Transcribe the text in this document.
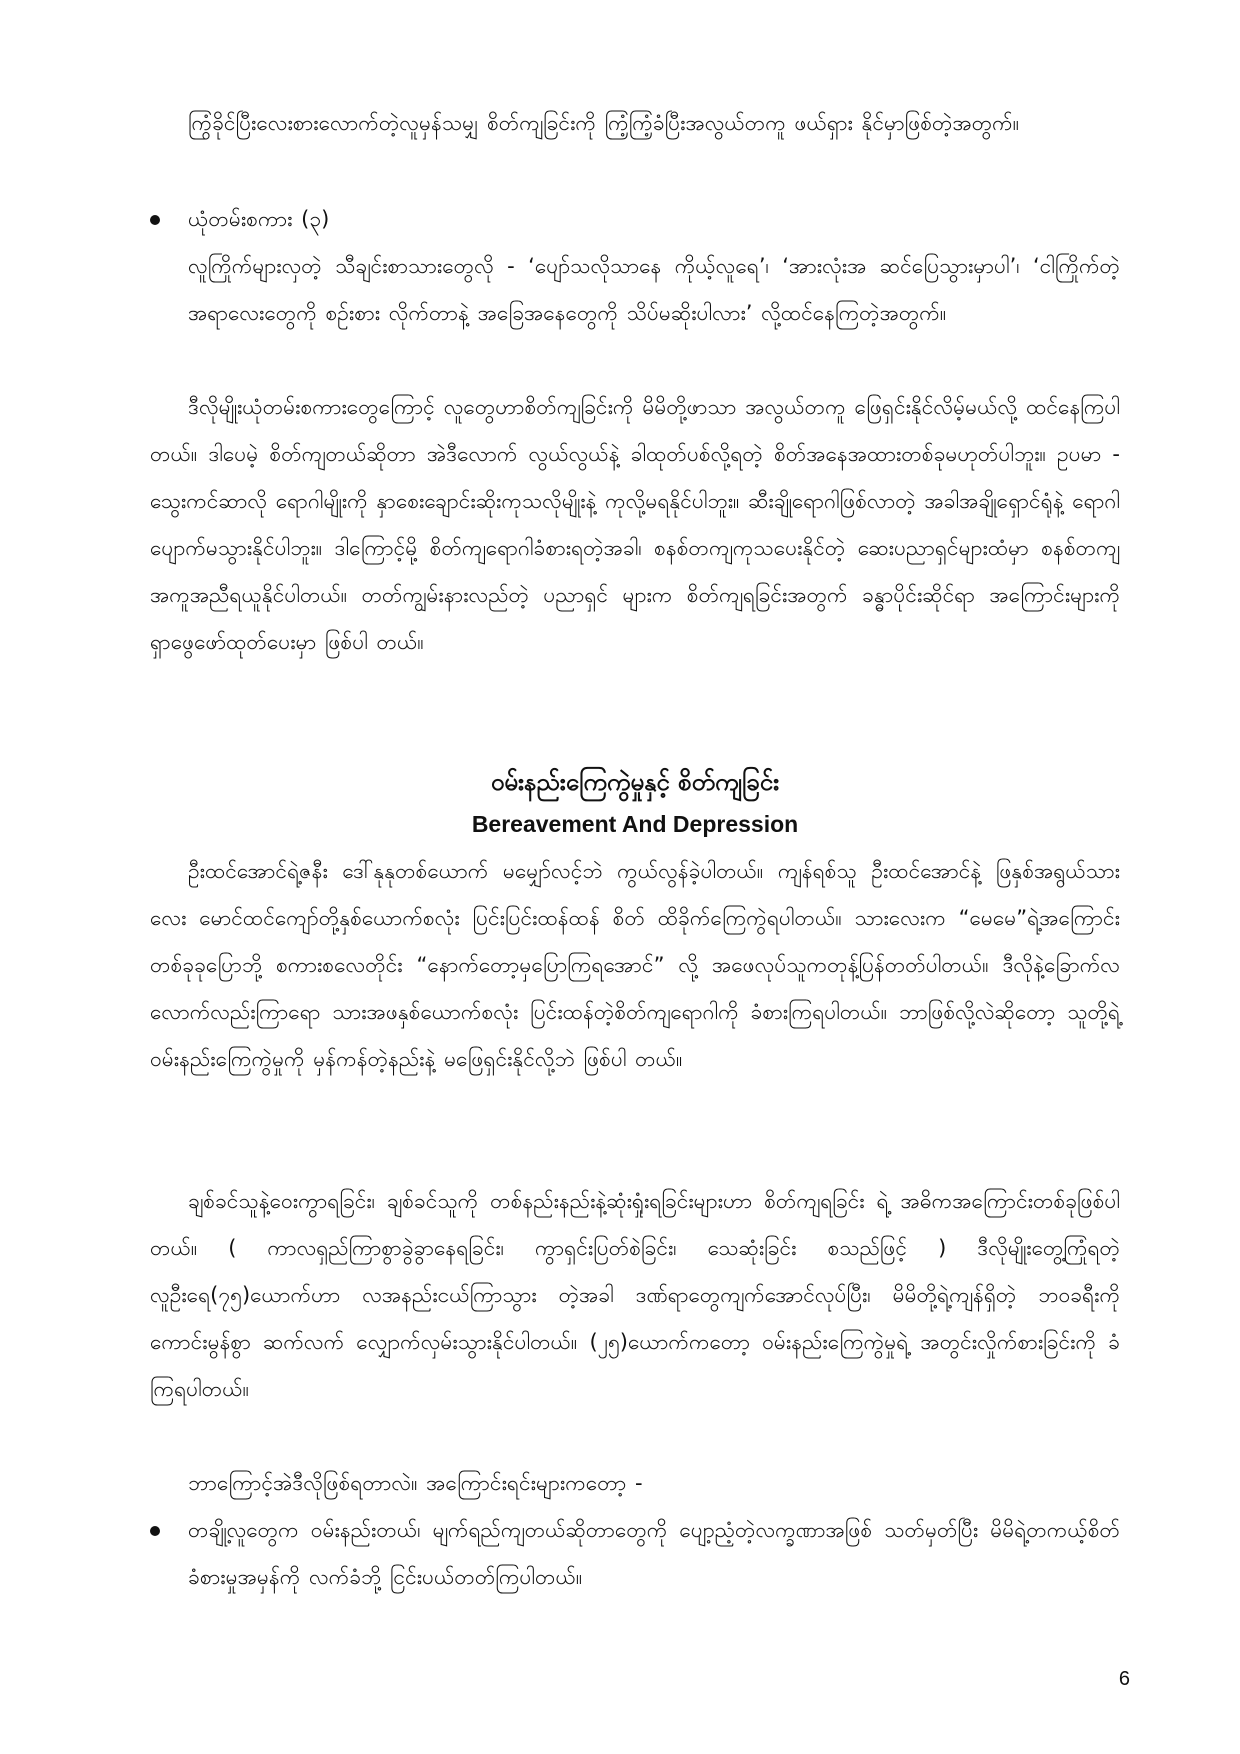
ကြွံခိုင်ပြီးလေးစားလောက်တဲ့လူမှန်သမျှ စိတ်ကျခြင်းကို ကြံ့ကြံ့ခံပြီးအလွယ်တကူ ဖယ်ရှား နိုင်မှာဖြစ်တဲ့အတွက်။

ယုံတမ်းစကား (၃)

လူကြိုက်များလှတဲ့ သီချင်းစာသားတွေလို - ‘ပျော်သလိုသာနေ ကိုယ့်လူရေ’၊ ‘အားလုံးအ ဆင်ပြေသွားမှာပါ’၊ ‘ငါကြိုက်တဲ့အရာလေးတွေကို စဉ်းစား လိုက်တာနဲ့ အခြေအနေတွေကို သိပ်မဆိုးပါလား’ လို့ထင်နေကြတဲ့အတွက်။

ဒီလိုမျိုးယုံတမ်းစကားတွေကြောင့် လူတွေဟာစိတ်ကျခြင်းကို မိမိတို့ဖာသာ အလွယ်တကူ ဖြေရှင်းနိုင်လိမ့်မယ်လို့ ထင်နေကြပါတယ်။ ဒါပေမဲ့ စိတ်ကျတယ်ဆိုတာ အဲဒီလောက် လွယ်လွယ်နဲ့ ခါထုတ်ပစ်လို့ရတဲ့ စိတ်အနေအထားတစ်ခုမဟုတ်ပါဘူး။ ဥပမာ - သွေးကင်ဆာလို ရောဂါမျိုးကို နှာစေးချောင်းဆိုးကုသလိုမျိုးနဲ့ ကုလို့မရနိုင်ပါဘူး။ ဆီးချိုရောဂါဖြစ်လာတဲ့ အခါအချိုရှောင်ရုံနဲ့ ရောဂါပျောက်မသွားနိုင်ပါဘူး။ ဒါကြောင့်မို့ စိတ်ကျရောဂါခံစားရတဲ့အခါ၊ စနစ်တကျကုသပေးနိုင်တဲ့ ဆေးပညာရှင်များထံမှာ စနစ်တကျအကူအညီရယူနိုင်ပါတယ်။ တတ်ကျွမ်းနားလည်တဲ့ ပညာရှင် များက စိတ်ကျရခြင်းအတွက် ခန္ဓာပိုင်းဆိုင်ရာ အကြောင်းများကို ရှာဖွေဖော်ထုတ်ပေးမှာ ဖြစ်ပါ တယ်။

ဝမ်းနည်းကြေကွဲမှုနှင့် စိတ်ကျခြင်း
Bereavement And Depression

ဦးထင်အောင်ရဲ့ဇနီး ဒေါ်နုနုတစ်ယောက် မမျှော်လင့်ဘဲ ကွယ်လွန်ခဲ့ပါတယ်။ ကျန်ရစ်သူ ဦးထင်အောင်နဲ့ ဖြနှစ်အရွယ်သားလေး မောင်ထင်ကျော်တို့နှစ်ယောက်စလုံး ပြင်းပြင်းထန်ထန် စိတ် ထိခိုက်ကြေကွဲရပါတယ်။ သားလေးက “မေမေ”ရဲ့အကြောင်း တစ်ခုခုပြောဘို့ စကားစလေတိုင်း “နောက်တော့မှပြောကြရအောင်” လို့ အဖေလုပ်သူကတုန့်ပြန်တတ်ပါတယ်။ ဒီလိုနဲ့ခြောက်လ လောက်လည်းကြာရော သားအဖနှစ်ယောက်စလုံး ပြင်းထန်တဲ့စိတ်ကျရောဂါကို ခံစားကြရပါတယ်။ ဘာဖြစ်လို့လဲဆိုတော့ သူတို့ရဲ့ဝမ်းနည်းကြေကွဲမှုကို မှန်ကန်တဲ့နည်းနဲ့ မဖြေရှင်းနိုင်လို့ဘဲ ဖြစ်ပါ တယ်။

ချစ်ခင်သူနဲ့ဝေးကွာရခြင်း၊ ချစ်ခင်သူကို တစ်နည်းနည်းနဲ့ဆုံးရှုံးရခြင်းများဟာ စိတ်ကျရခြင်း ရဲ့ အဓိကအကြောင်းတစ်ခုဖြစ်ပါတယ်။ ( ကာလရှည်ကြာစွာခွဲခွာနေရခြင်း၊ ကွာရှင်းပြတ်စဲခြင်း၊ သေဆုံးခြင်း စသည်ဖြင့် ) ဒီလိုမျိုးတွေ့ကြုံရတဲ့ လူဦးရေ(၇၅)ယောက်ဟာ လအနည်းငယ်ကြာသွား တဲ့အခါ ဒဏ်ရာတွေကျက်အောင်လုပ်ပြီး၊ မိမိတို့ရဲ့ကျန်ရှိတဲ့ ဘဝခရီးကိုကောင်းမွန်စွာ ဆက်လက် လျှောက်လှမ်းသွားနိုင်ပါတယ်။ (၂၅)ယောက်ကတော့ ဝမ်းနည်းကြေကွဲမှုရဲ့ အတွင်းလှိုက်စားခြင်းကို ခံကြရပါတယ်။

ဘာကြောင့်အဲဒီလိုဖြစ်ရတာလဲ။ အကြောင်းရင်းများကတော့ -

တချို့လူတွေက ဝမ်းနည်းတယ်၊ မျက်ရည်ကျတယ်ဆိုတာတွေကို ပျော့ညံ့တဲ့လက္ခဏာအဖြစ် သတ်မှတ်ပြီး မိမိရဲ့တကယ့်စိတ်ခံစားမှုအမှန်ကို လက်ခံဘို့ ငြင်းပယ်တတ်ကြပါတယ်။

6
